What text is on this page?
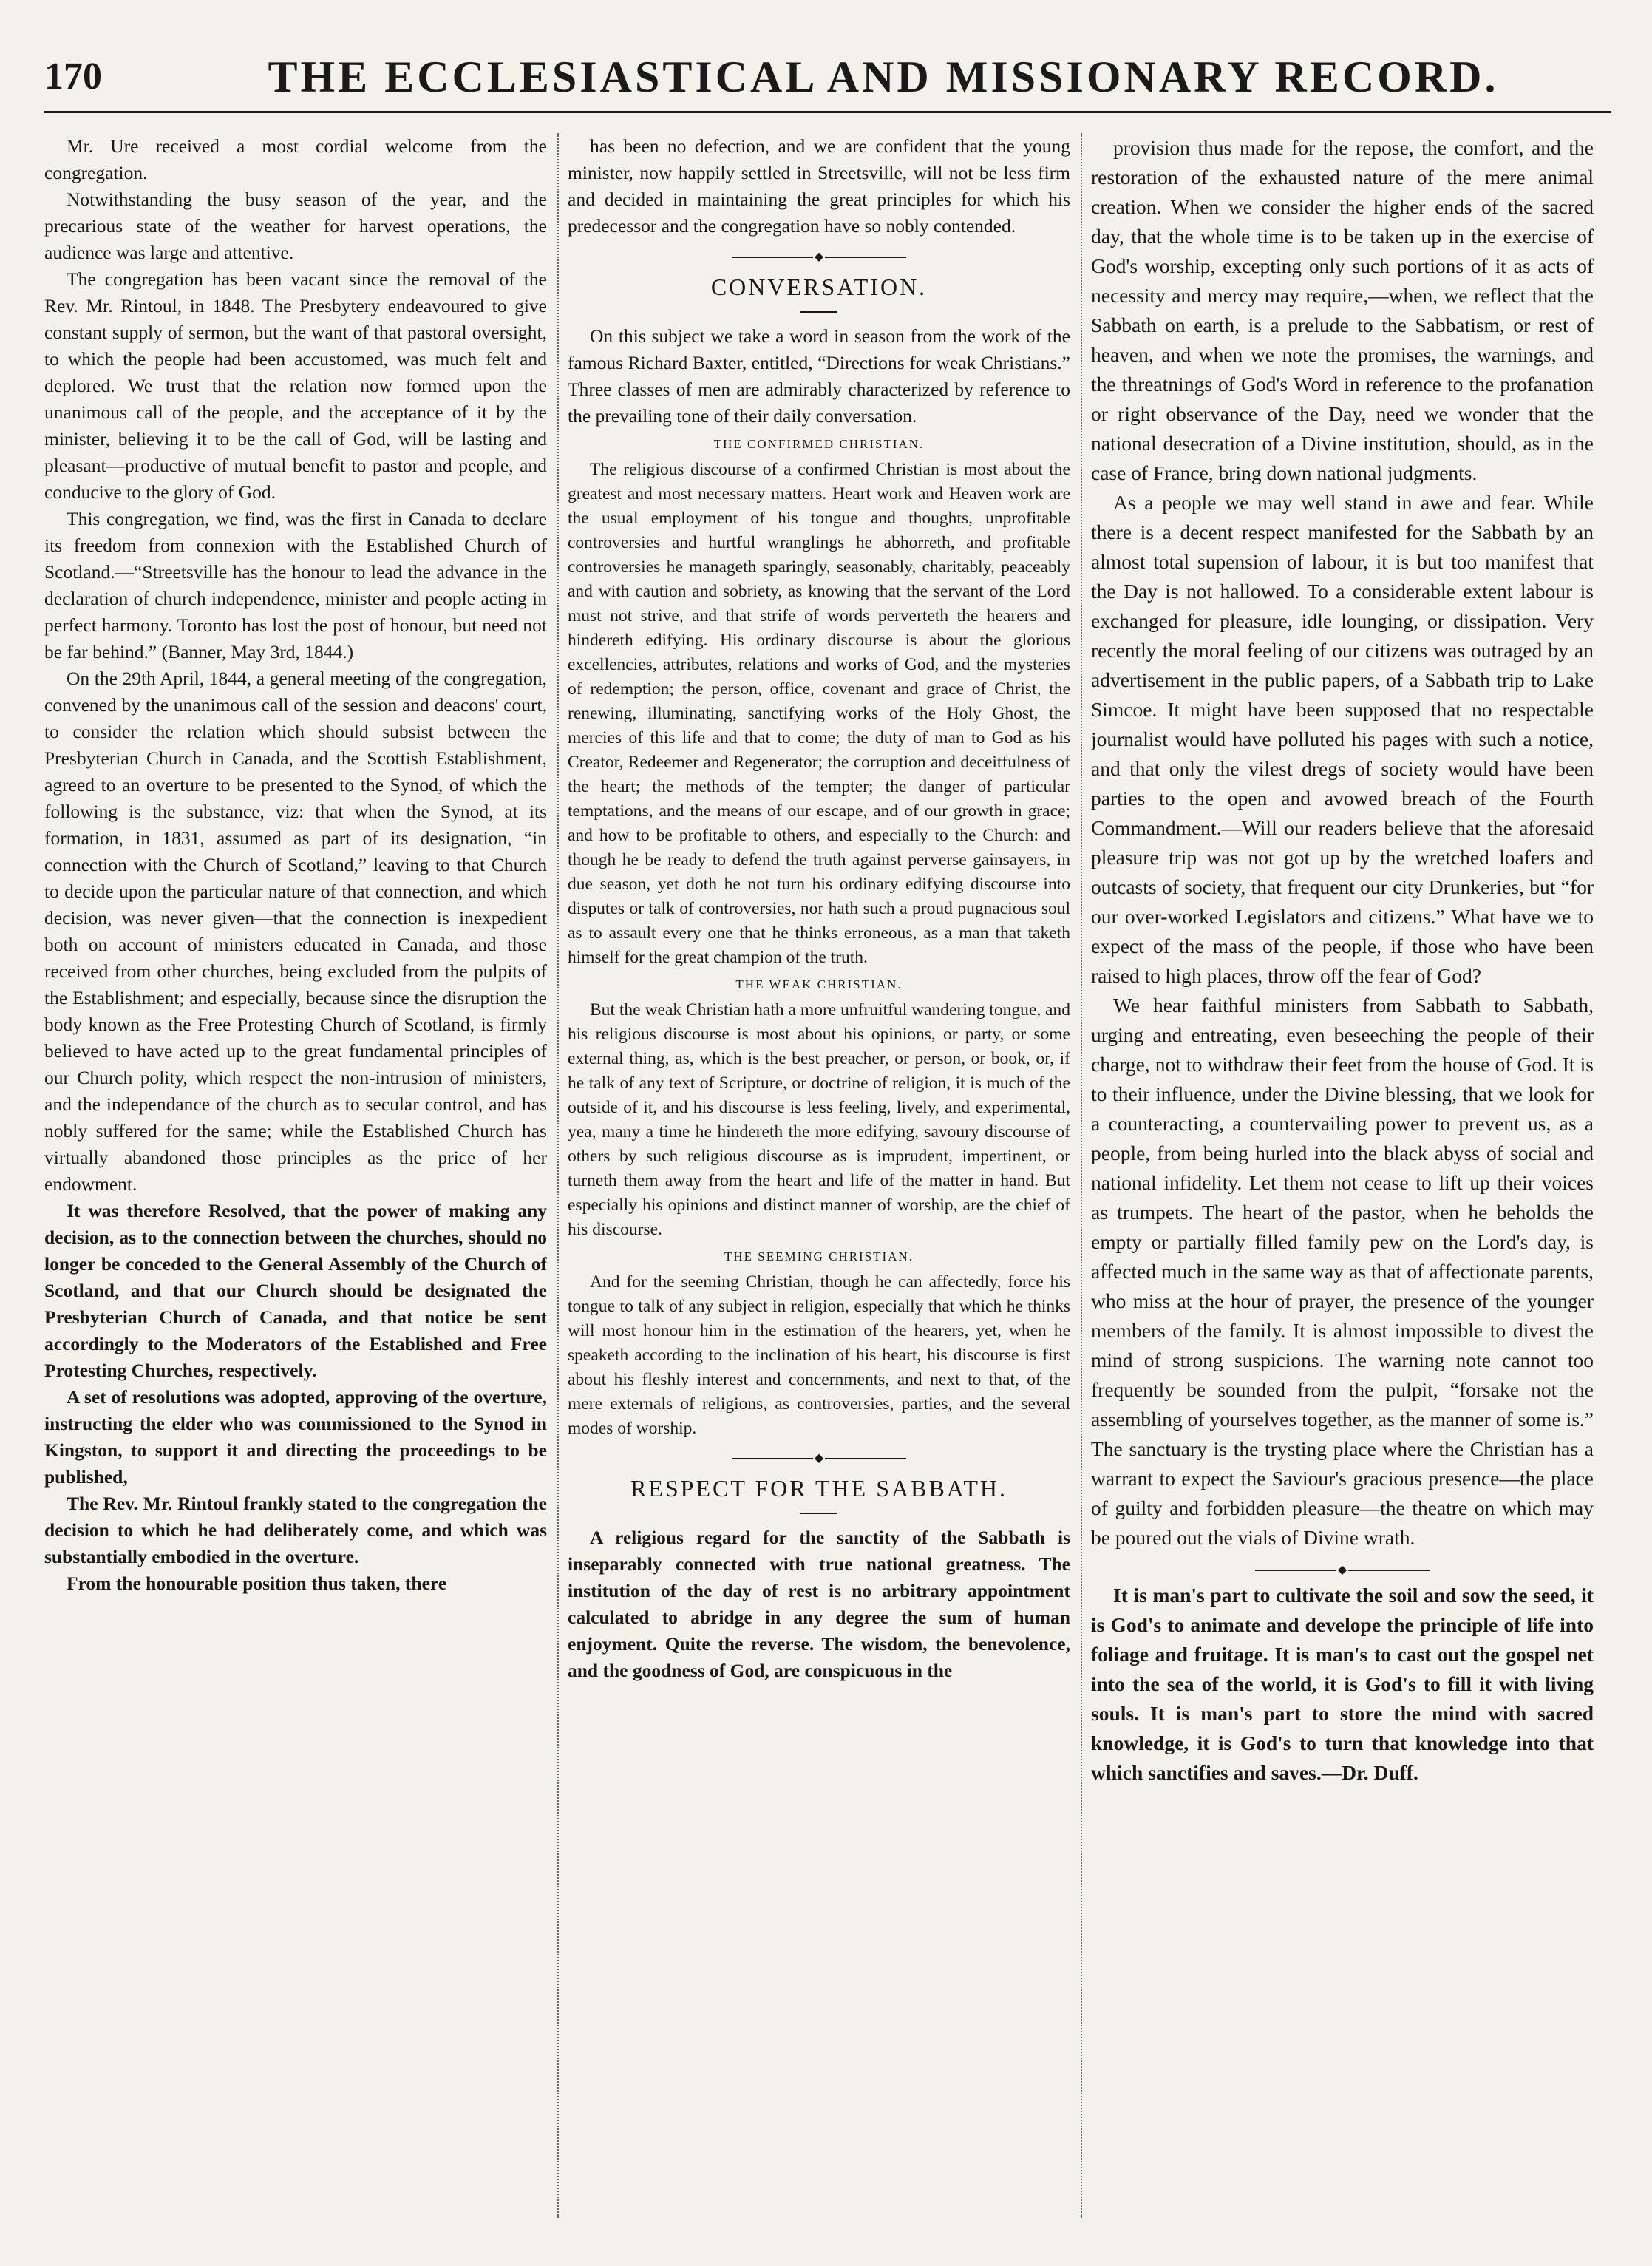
170	THE ECCLESIASTICAL AND MISSIONARY RECORD.

Mr. Ure received a most cordial welcome from the congregation.

Notwithstanding the busy season of the year, and the precarious state of the weather for harvest operations, the audience was large and attentive.

The congregation has been vacant since the removal of the Rev. Mr. Rintoul, in 1848. The Presbytery endeavoured to give constant supply of sermon, but the want of that pastoral oversight, to which the people had been accustomed, was much felt and deplored. We trust that the relation now formed upon the unanimous call of the people, and the acceptance of it by the minister, believing it to be the call of God, will be lasting and pleasant—productive of mutual benefit to pastor and people, and conducive to the glory of God.

This congregation, we find, was the first in Canada to declare its freedom from connexion with the Established Church of Scotland.—“Streetsville has the honour to lead the advance in the declaration of church independence, minister and people acting in perfect harmony. Toronto has lost the post of honour, but need not be far behind.” (Banner, May 3rd, 1844.)

On the 29th April, 1844, a general meeting of the congregation, convened by the unanimous call of the session and deacons' court, to consider the relation which should subsist between the Presbyterian Church in Canada, and the Scottish Establishment, agreed to an overture to be presented to the Synod, of which the following is the substance, viz: that when the Synod, at its formation, in 1831, assumed as part of its designation, “in connection with the Church of Scotland,” leaving to that Church to decide upon the particular nature of that connection, and which decision, was never given—that the connection is inexpedient both on account of ministers educated in Canada, and those received from other churches, being excluded from the pulpits of the Establishment; and especially, because since the disruption the body known as the Free Protesting Church of Scotland, is firmly believed to have acted up to the great fundamental principles of our Church polity, which respect the non-intrusion of ministers, and the independance of the church as to secular control, and has nobly suffered for the same; while the Established Church has virtually abandoned those principles as the price of her endowment.

It was therefore Resolved, that the power of making any decision, as to the connection between the churches, should no longer be conceded to the General Assembly of the Church of Scotland, and that our Church should be designated the Presbyterian Church of Canada, and that notice be sent accordingly to the Moderators of the Established and Free Protesting Churches, respectively.

A set of resolutions was adopted, approving of the overture, instructing the elder who was commissioned to the Synod in Kingston, to support it and directing the proceedings to be published,

The Rev. Mr. Rintoul frankly stated to the congregation the decision to which he had deliberately come, and which was substantially embodied in the overture.

From the honourable position thus taken, there

has been no defection, and we are confident that the young minister, now happily settled in Streetsville, will not be less firm and decided in maintaining the great principles for which his predecessor and the congregation have so nobly contended.

◆
CONVERSATION.

On this subject we take a word in season from the work of the famous Richard Baxter, entitled, “Directions for weak Christians.” Three classes of men are admirably characterized by reference to the prevailing tone of their daily conversation.

THE CONFIRMED CHRISTIAN.

The religious discourse of a confirmed Christian is most about the greatest and most necessary matters. Heart work and Heaven work are the usual employment of his tongue and thoughts, unprofitable controversies and hurtful wranglings he abhorreth, and profitable controversies he manageth sparingly, seasonably, charitably, peaceably and with caution and sobriety, as knowing that the servant of the Lord must not strive, and that strife of words perverteth the hearers and hindereth edifying. His ordinary discourse is about the glorious excellencies, attributes, relations and works of God, and the mysteries of redemption; the person, office, covenant and grace of Christ, the renewing, illuminating, sanctifying works of the Holy Ghost, the mercies of this life and that to come; the duty of man to God as his Creator, Redeemer and Regenerator; the corruption and deceitfulness of the heart; the methods of the tempter; the danger of particular temptations, and the means of our escape, and of our growth in grace; and how to be profitable to others, and especially to the Church: and though he be ready to defend the truth against perverse gainsayers, in due season, yet doth he not turn his ordinary edifying discourse into disputes or talk of controversies, nor hath such a proud pugnacious soul as to assault every one that he thinks erroneous, as a man that taketh himself for the great champion of the truth.

THE WEAK CHRISTIAN.

But the weak Christian hath a more unfruitful wandering tongue, and his religious discourse is most about his opinions, or party, or some external thing, as, which is the best preacher, or person, or book, or, if he talk of any text of Scripture, or doctrine of religion, it is much of the outside of it, and his discourse is less feeling, lively, and experimental, yea, many a time he hindereth the more edifying, savoury discourse of others by such religious discourse as is imprudent, impertinent, or turneth them away from the heart and life of the matter in hand. But especially his opinions and distinct manner of worship, are the chief of his discourse.

THE SEEMING CHRISTIAN.

And for the seeming Christian, though he can affectedly, force his tongue to talk of any subject in religion, especially that which he thinks will most honour him in the estimation of the hearers, yet, when he speaketh according to the inclination of his heart, his discourse is first about his fleshly interest and concernments, and next to that, of the mere externals of religions, as controversies, parties, and the several modes of worship.

◆
RESPECT FOR THE SABBATH.

A religious regard for the sanctity of the Sabbath is inseparably connected with true national greatness. The institution of the day of rest is no arbitrary appointment calculated to abridge in any degree the sum of human enjoyment. Quite the reverse. The wisdom, the benevolence, and the goodness of God, are conspicuous in the

provision thus made for the repose, the comfort, and the restoration of the exhausted nature of the mere animal creation. When we consider the higher ends of the sacred day, that the whole time is to be taken up in the exercise of God's worship, excepting only such portions of it as acts of necessity and mercy may require,—when, we reflect that the Sabbath on earth, is a prelude to the Sabbatism, or rest of heaven, and when we note the promises, the warnings, and the threatnings of God's Word in reference to the profanation or right observance of the Day, need we wonder that the national desecration of a Divine institution, should, as in the case of France, bring down national judgments.

As a people we may well stand in awe and fear. While there is a decent respect manifested for the Sabbath by an almost total supension of labour, it is but too manifest that the Day is not hallowed. To a considerable extent labour is exchanged for pleasure, idle lounging, or dissipation. Very recently the moral feeling of our citizens was outraged by an advertisement in the public papers, of a Sabbath trip to Lake Simcoe. It might have been supposed that no respectable journalist would have polluted his pages with such a notice, and that only the vilest dregs of society would have been parties to the open and avowed breach of the Fourth Commandment.—Will our readers believe that the aforesaid pleasure trip was not got up by the wretched loafers and outcasts of society, that frequent our city Drunkeries, but “for our over-worked Legislators and citizens.” What have we to expect of the mass of the people, if those who have been raised to high places, throw off the fear of God?

We hear faithful ministers from Sabbath to Sabbath, urging and entreating, even beseeching the people of their charge, not to withdraw their feet from the house of God. It is to their influence, under the Divine blessing, that we look for a counteracting, a countervailing power to prevent us, as a people, from being hurled into the black abyss of social and national infidelity. Let them not cease to lift up their voices as trumpets. The heart of the pastor, when he beholds the empty or partially filled family pew on the Lord's day, is affected much in the same way as that of affectionate parents, who miss at the hour of prayer, the presence of the younger members of the family. It is almost impossible to divest the mind of strong suspicions. The warning note cannot too frequently be sounded from the pulpit, “forsake not the assembling of yourselves together, as the manner of some is.” The sanctuary is the trysting place where the Christian has a warrant to expect the Saviour's gracious presence—the place of guilty and forbidden pleasure—the theatre on which may be poured out the vials of Divine wrath.

◆

It is man's part to cultivate the soil and sow the seed, it is God's to animate and develope the principle of life into foliage and fruitage. It is man's to cast out the gospel net into the sea of the world, it is God's to fill it with living souls. It is man's part to store the mind with sacred knowledge, it is God's to turn that knowledge into that which sanctifies and saves.—Dr. Duff.
